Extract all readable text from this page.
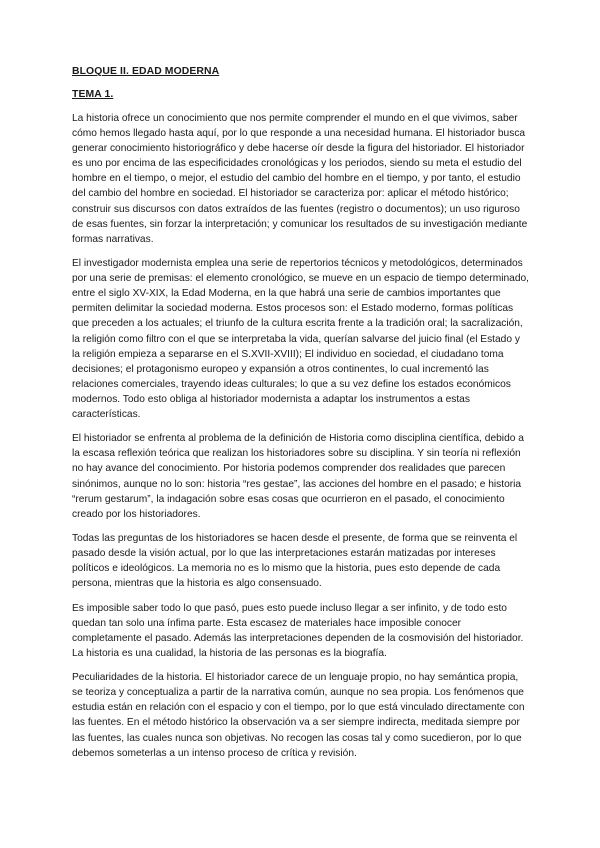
BLOQUE II. EDAD MODERNA
TEMA 1.

La historia ofrece un conocimiento que nos permite comprender el mundo en el que vivimos, saber cómo hemos llegado hasta aquí, por lo que responde a una necesidad humana. El historiador busca generar conocimiento historiográfico y debe hacerse oír desde la figura del historiador. El historiador es uno por encima de las especificidades cronológicas y los periodos, siendo su meta el estudio del hombre en el tiempo, o mejor, el estudio del cambio del hombre en el tiempo, y por tanto, el estudio del cambio del hombre en sociedad. El historiador se caracteriza por: aplicar el método histórico; construir sus discursos con datos extraídos de las fuentes (registro o documentos); un uso riguroso de esas fuentes, sin forzar la interpretación; y comunicar los resultados de su investigación mediante formas narrativas.

El investigador modernista emplea una serie de repertorios técnicos y metodológicos, determinados por una serie de premisas: el elemento cronológico, se mueve en un espacio de tiempo determinado, entre el siglo XV-XIX, la Edad Moderna, en la que habrá una serie de cambios importantes que permiten delimitar la sociedad moderna. Estos procesos son: el Estado moderno, formas políticas que preceden a los actuales; el triunfo de la cultura escrita frente a la tradición oral; la sacralización, la religión como filtro con el que se interpretaba la vida, querían salvarse del juicio final (el Estado y la religión empieza a separarse en el S.XVII-XVIII); El individuo en sociedad, el ciudadano toma decisiones; el protagonismo europeo y expansión a otros continentes, lo cual incrementó las relaciones comerciales, trayendo ideas culturales; lo que a su vez define los estados económicos modernos. Todo esto obliga al historiador modernista a adaptar los instrumentos a estas características.

El historiador se enfrenta al problema de la definición de Historia como disciplina científica, debido a la escasa reflexión teórica que realizan los historiadores sobre su disciplina. Y sin teoría ni reflexión no hay avance del conocimiento. Por historia podemos comprender dos realidades que parecen sinónimos, aunque no lo son: historia “res gestae”, las acciones del hombre en el pasado; e historia “rerum gestarum”, la indagación sobre esas cosas que ocurrieron en el pasado, el conocimiento creado por los historiadores.

Todas las preguntas de los historiadores se hacen desde el presente, de forma que se reinventa el pasado desde la visión actual, por lo que las interpretaciones estarán matizadas por intereses políticos e ideológicos. La memoria no es lo mismo que la historia, pues esto depende de cada persona, mientras que la historia es algo consensuado.

Es imposible saber todo lo que pasó, pues esto puede incluso llegar a ser infinito, y de todo esto quedan tan solo una ínfima parte. Esta escasez de materiales hace imposible conocer completamente el pasado. Además las interpretaciones dependen de la cosmovisión del historiador. La historia es una cualidad, la historia de las personas es la biografía.

Peculiaridades de la historia. El historiador carece de un lenguaje propio, no hay semántica propia, se teoriza y conceptualiza a partir de la narrativa común, aunque no sea propia. Los fenómenos que estudia están en relación con el espacio y con el tiempo, por lo que está vinculado directamente con las fuentes. En el método histórico la observación va a ser siempre indirecta, meditada siempre por las fuentes, las cuales nunca son objetivas. No recogen las cosas tal y como sucedieron, por lo que debemos someterlas a un intenso proceso de crítica y revisión.
